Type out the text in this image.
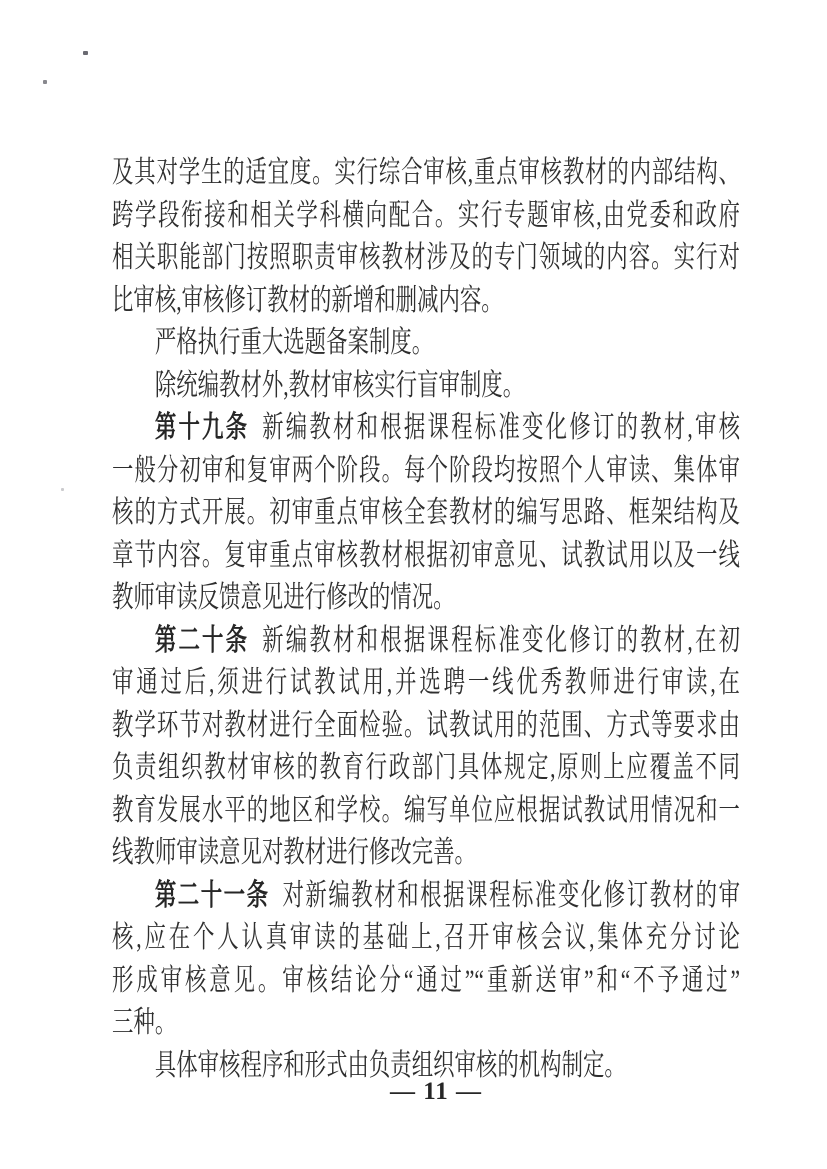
及其对学生的适宜度。实行综合审核,重点审核教材的内部结构、
跨学段衔接和相关学科横向配合。实行专题审核,由党委和政府
相关职能部门按照职责审核教材涉及的专门领域的内容。实行对
比审核,审核修订教材的新增和删减内容。
严格执行重大选题备案制度。
除统编教材外,教材审核实行盲审制度。
第十九条 新编教材和根据课程标准变化修订的教材,审核
一般分初审和复审两个阶段。每个阶段均按照个人审读、集体审
核的方式开展。初审重点审核全套教材的编写思路、框架结构及
章节内容。复审重点审核教材根据初审意见、试教试用以及一线
教师审读反馈意见进行修改的情况。
第二十条 新编教材和根据课程标准变化修订的教材,在初
审通过后,须进行试教试用,并选聘一线优秀教师进行审读,在
教学环节对教材进行全面检验。试教试用的范围、方式等要求由
负责组织教材审核的教育行政部门具体规定,原则上应覆盖不同
教育发展水平的地区和学校。编写单位应根据试教试用情况和一
线教师审读意见对教材进行修改完善。
第二十一条 对新编教材和根据课程标准变化修订教材的审
核,应在个人认真审读的基础上,召开审核会议,集体充分讨论
形成审核意见。审核结论分“通过”“重新送审”和“不予通过”
三种。
具体审核程序和形式由负责组织审核的机构制定。
— 11 —
